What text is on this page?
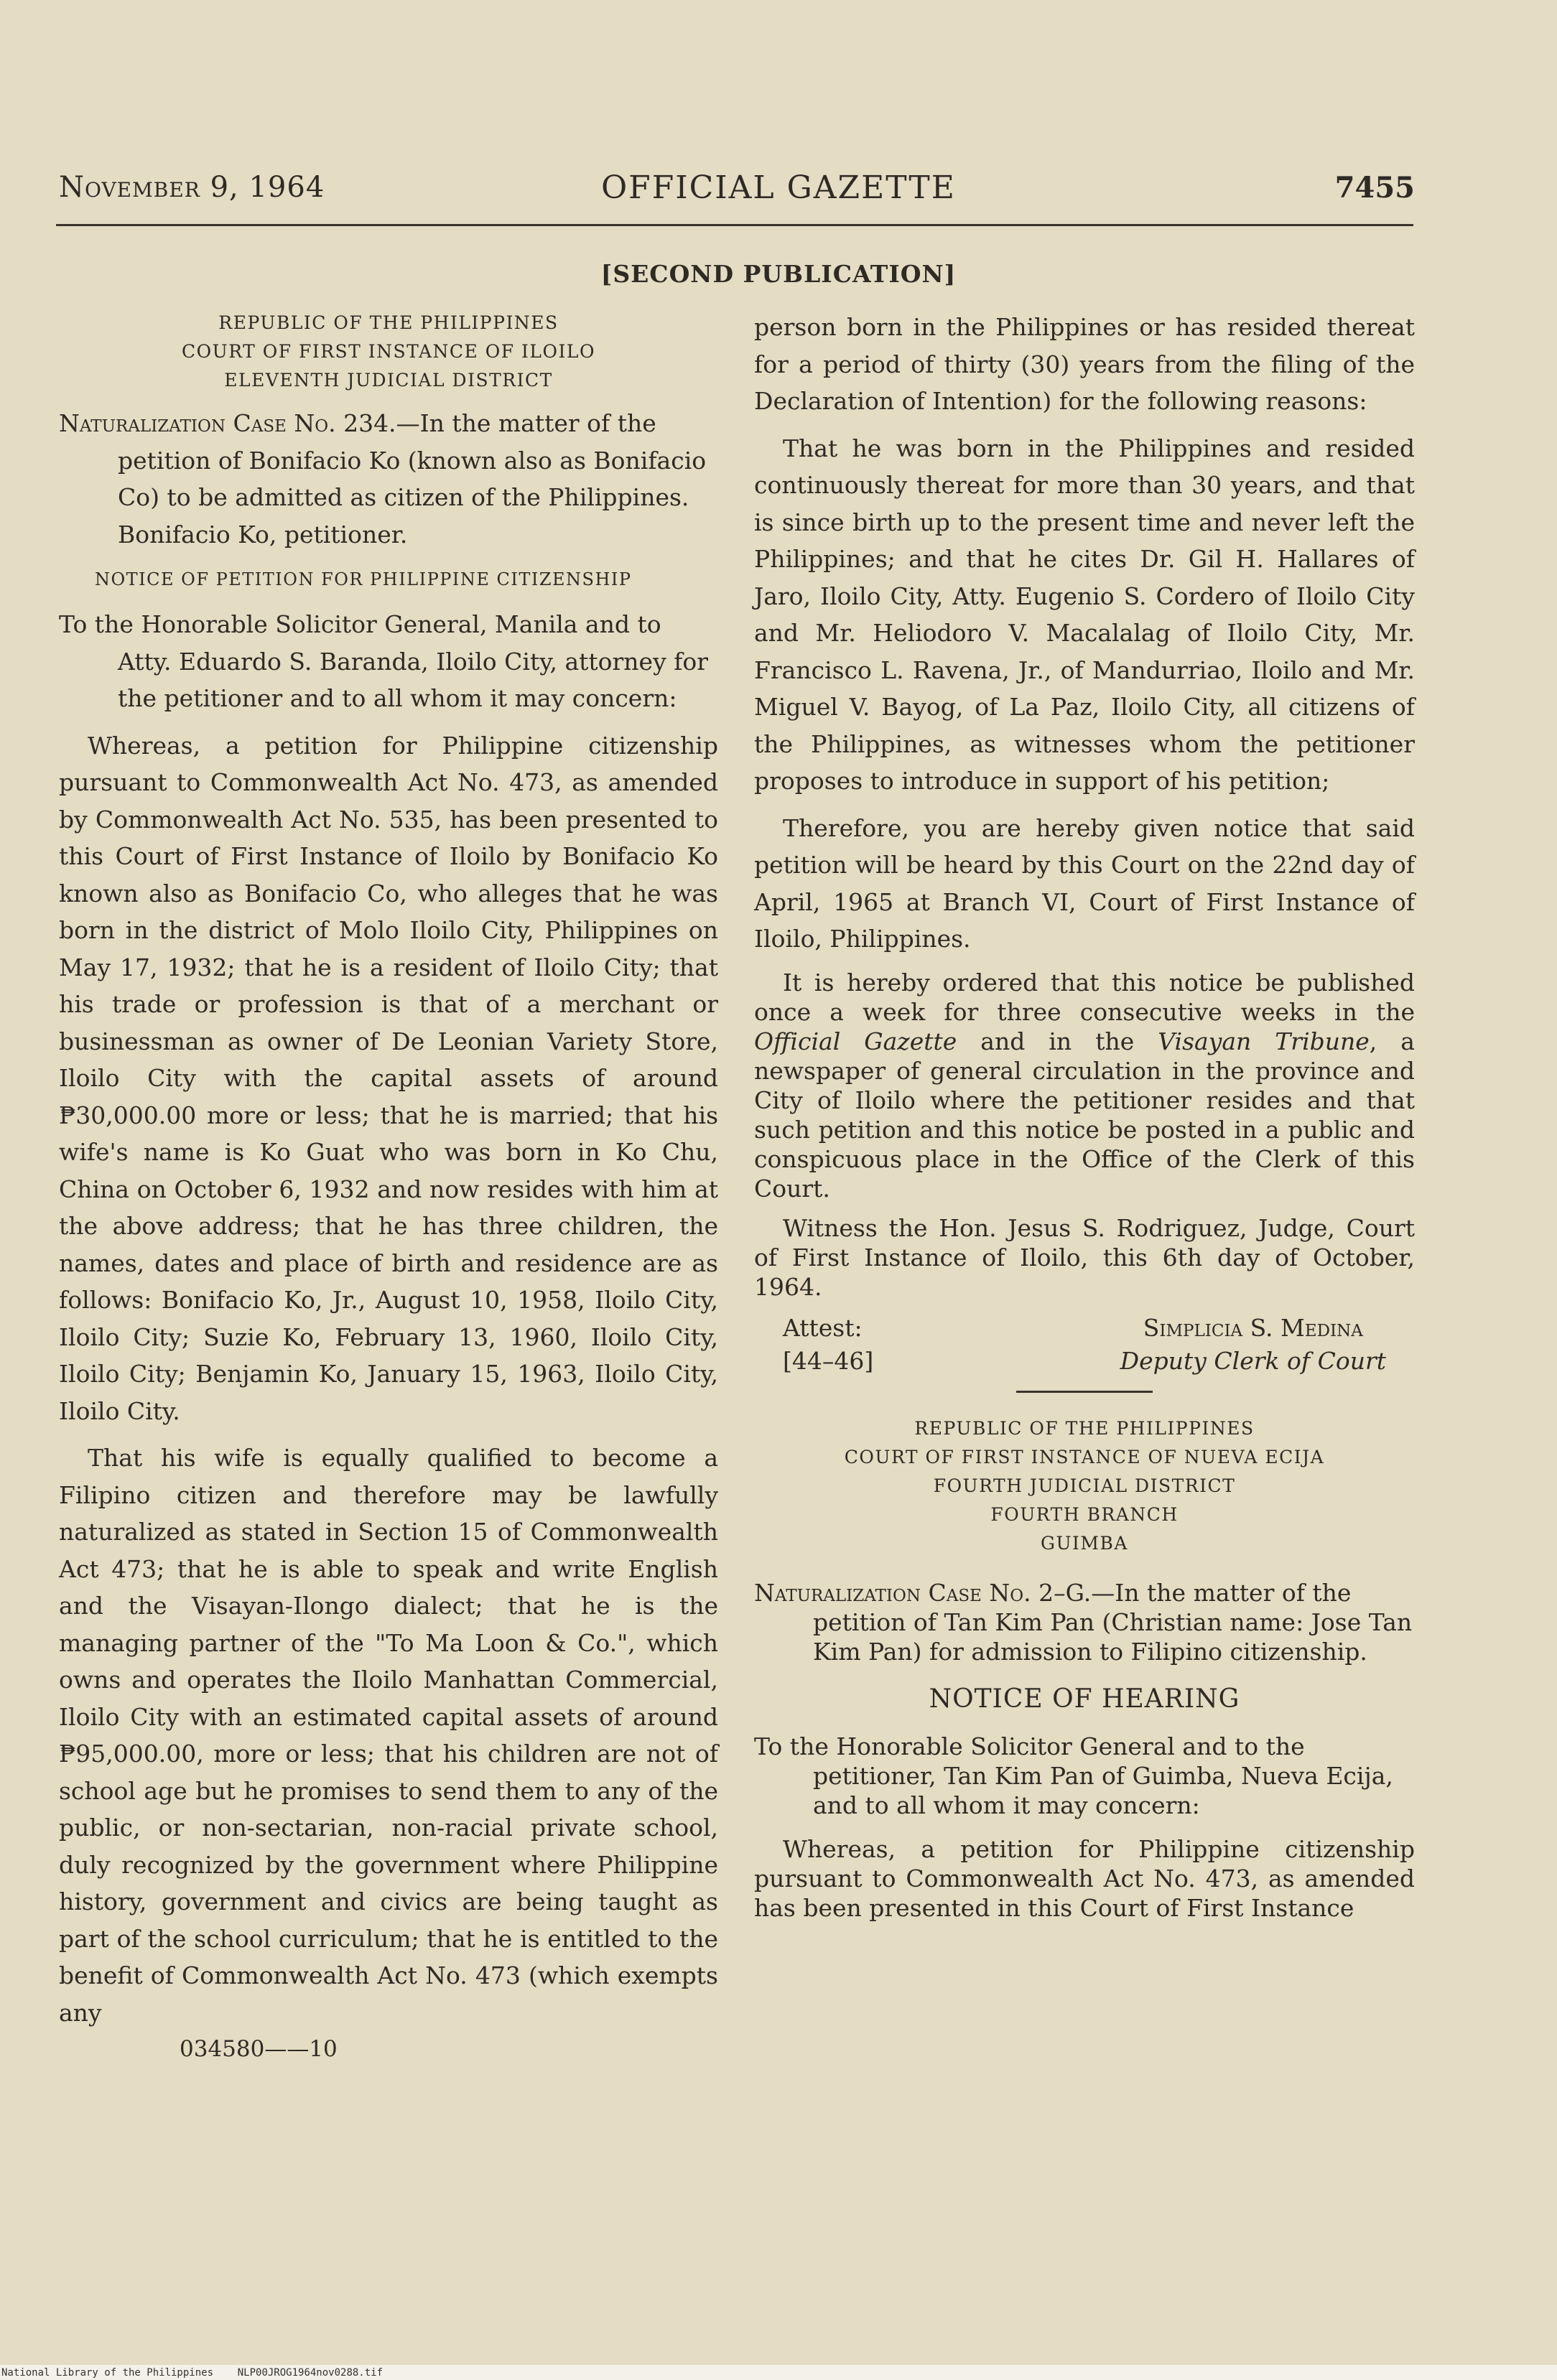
November 9, 1964	OFFICIAL GAZETTE	7455
[SECOND PUBLICATION]
REPUBLIC OF THE PHILIPPINES
COURT OF FIRST INSTANCE OF ILOILO
ELEVENTH JUDICIAL DISTRICT

Naturalization Case No. 234.—In the matter of the petition of Bonifacio Ko (known also as Bonifacio Co) to be admitted as citizen of the Philippines. Bonifacio Ko, petitioner.

NOTICE OF PETITION FOR PHILIPPINE CITIZENSHIP

To the Honorable Solicitor General, Manila and to Atty. Eduardo S. Baranda, Iloilo City, attorney for the petitioner and to all whom it may concern:

Whereas, a petition for Philippine citizenship pursuant to Commonwealth Act No. 473, as amended by Commonwealth Act No. 535, has been presented to this Court of First Instance of Iloilo by Bonifacio Ko known also as Bonifacio Co, who alleges that he was born in the district of Molo Iloilo City, Philippines on May 17, 1932; that he is a resident of Iloilo City; that his trade or profession is that of a merchant or businessman as owner of De Leonian Variety Store, Iloilo City with the capital assets of around ₱30,000.00 more or less; that he is married; that his wife's name is Ko Guat who was born in Ko Chu, China on October 6, 1932 and now resides with him at the above address; that he has three children, the names, dates and place of birth and residence are as follows: Bonifacio Ko, Jr., August 10, 1958, Iloilo City, Iloilo City; Suzie Ko, February 13, 1960, Iloilo City, Iloilo City; Benjamin Ko, January 15, 1963, Iloilo City, Iloilo City.

That his wife is equally qualified to become a Filipino citizen and therefore may be lawfully naturalized as stated in Section 15 of Commonwealth Act 473; that he is able to speak and write English and the Visayan-Ilongo dialect; that he is the managing partner of the "To Ma Loon & Co.", which owns and operates the Iloilo Manhattan Commercial, Iloilo City with an estimated capital assets of around ₱95,000.00, more or less; that his children are not of school age but he promises to send them to any of the public, or non-sectarian, non-racial private school, duly recognized by the government where Philippine history, government and civics are being taught as part of the school curriculum; that he is entitled to the benefit of Commonwealth Act No. 473 (which exempts any

034580——10

person born in the Philippines or has resided thereat for a period of thirty (30) years from the filing of the Declaration of Intention) for the following reasons:

That he was born in the Philippines and resided continuously thereat for more than 30 years, and that is since birth up to the present time and never left the Philippines; and that he cites Dr. Gil H. Hallares of Jaro, Iloilo City, Atty. Eugenio S. Cordero of Iloilo City and Mr. Heliodoro V. Macalalag of Iloilo City, Mr. Francisco L. Ravena, Jr., of Mandurriao, Iloilo and Mr. Miguel V. Bayog, of La Paz, Iloilo City, all citizens of the Philippines, as witnesses whom the petitioner proposes to introduce in support of his petition;

Therefore, you are hereby given notice that said petition will be heard by this Court on the 22nd day of April, 1965 at Branch VI, Court of First Instance of Iloilo, Philippines.

It is hereby ordered that this notice be published once a week for three consecutive weeks in the Official Gazette and in the Visayan Tribune, a newspaper of general circulation in the province and City of Iloilo where the petitioner resides and that such petition and this notice be posted in a public and conspicuous place in the Office of the Clerk of this Court.

Witness the Hon. Jesus S. Rodriguez, Judge, Court of First Instance of Iloilo, this 6th day of October, 1964.

Attest:
[44–46]
Simplicia S. Medina
Deputy Clerk of Court
REPUBLIC OF THE PHILIPPINES
COURT OF FIRST INSTANCE OF NUEVA ECIJA
FOURTH JUDICIAL DISTRICT
FOURTH BRANCH
GUIMBA

Naturalization Case No. 2–G.—In the matter of the petition of Tan Kim Pan (Christian name: Jose Tan Kim Pan) for admission to Filipino citizenship.

NOTICE OF HEARING

To the Honorable Solicitor General and to the petitioner, Tan Kim Pan of Guimba, Nueva Ecija, and to all whom it may concern:

Whereas, a petition for Philippine citizenship pursuant to Commonwealth Act No. 473, as amended has been presented in this Court of First Instance

National Library of the Philippines NLP00JROG1964nov0288.tif
